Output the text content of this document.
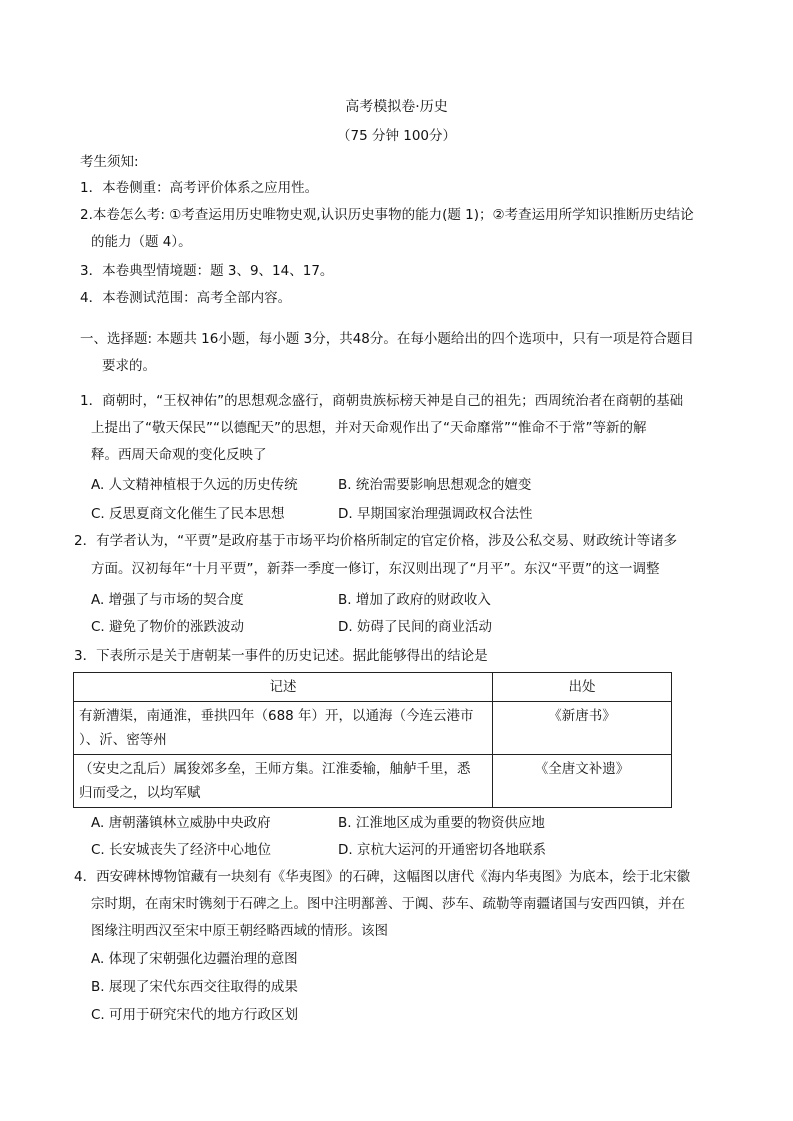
高考模拟卷·历史
（75 分钟 100分）
考生须知:
1．本卷侧重：高考评价体系之应用性。
2.本卷怎么考: ①考查运用历史唯物史观,认识历史事物的能力(题 1)；②考查运用所学知识推断历史结论
的能力（题 4）。
3．本卷典型情境题：题 3、9、14、17。
4．本卷测试范围：高考全部内容。
一、选择题: 本题共 16小题，每小题 3分，共48分。在每小题给出的四个选项中，只有一项是符合题目
要求的。
1．商朝时，“王权神佑”的思想观念盛行，商朝贵族标榜天神是自己的祖先；西周统治者在商朝的基础
上提出了“敬天保民”“以德配天”的思想，并对天命观作出了“天命靡常”“惟命不于常”等新的解
释。西周天命观的变化反映了
A. 人文精神植根于久远的历史传统	B. 统治需要影响思想观念的嬗变
C. 反思夏商文化催生了民本思想	D. 早期国家治理强调政权合法性
2．有学者认为，“平贾”是政府基于市场平均价格所制定的官定价格，涉及公私交易、财政统计等诸多
方面。汉初每年“十月平贾”，新莽一季度一修订，东汉则出现了“月平”。东汉“平贾”的这一调整
A. 增强了与市场的契合度	B. 增加了政府的财政收入
C. 避免了物价的涨跌波动	D. 妨碍了民间的商业活动
3．下表所示是关于唐朝某一事件的历史记述。据此能够得出的结论是
记述	出处

有新漕渠，南通淮，垂拱四年（688 年）开，以通海（今连云港市
）、沂、密等州	《新唐书》

（安史之乱后）属狻郊多垒，王师方集。江淮委输，舳舻千里，悉
归而受之，以均军赋	《全唐文补遗》
A. 唐朝藩镇林立威胁中央政府	B. 江淮地区成为重要的物资供应地
C. 长安城丧失了经济中心地位	D. 京杭大运河的开通密切各地联系
4．西安碑林博物馆藏有一块刻有《华夷图》的石碑，这幅图以唐代《海内华夷图》为底本，绘于北宋徽
宗时期，在南宋时镌刻于石碑之上。图中注明鄯善、于阗、莎车、疏勒等南疆诸国与安西四镇，并在
图缘注明西汉至宋中原王朝经略西域的情形。该图
A. 体现了宋朝强化边疆治理的意图
B. 展现了宋代东西交往取得的成果
C. 可用于研究宋代的地方行政区划
